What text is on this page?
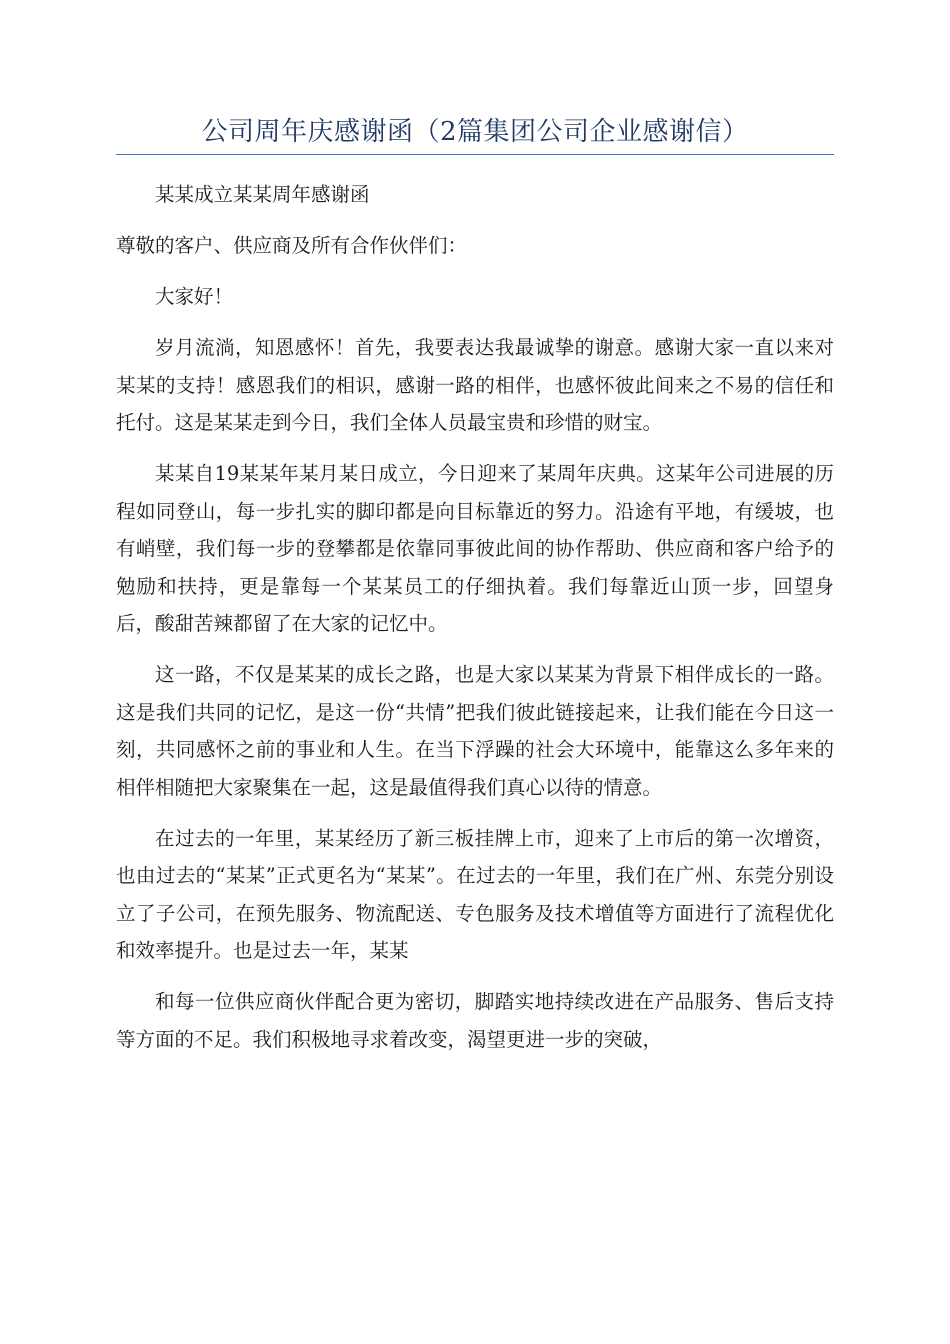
公司周年庆感谢函（2篇集团公司企业感谢信）

某某成立某某周年感谢函

尊敬的客户、供应商及所有合作伙伴们：

大家好！

岁月流淌，知恩感怀！首先，我要表达我最诚挚的谢意。感谢大家一直以来对某某的支持！感恩我们的相识，感谢一路的相伴，也感怀彼此间来之不易的信任和托付。这是某某走到今日，我们全体人员最宝贵和珍惜的财宝。

某某自19某某年某月某日成立，今日迎来了某周年庆典。这某年公司进展的历程如同登山，每一步扎实的脚印都是向目标靠近的努力。沿途有平地，有缓坡，也有峭壁，我们每一步的登攀都是依靠同事彼此间的协作帮助、供应商和客户给予的勉励和扶持，更是靠每一个某某员工的仔细执着。我们每靠近山顶一步，回望身后，酸甜苦辣都留了在大家的记忆中。

这一路，不仅是某某的成长之路，也是大家以某某为背景下相伴成长的一路。这是我们共同的记忆，是这一份“共情”把我们彼此链接起来，让我们能在今日这一刻，共同感怀之前的事业和人生。在当下浮躁的社会大环境中，能靠这么多年来的相伴相随把大家聚集在一起，这是最值得我们真心以待的情意。

在过去的一年里，某某经历了新三板挂牌上市，迎来了上市后的第一次增资，也由过去的“某某”正式更名为“某某”。在过去的一年里，我们在广州、东莞分别设立了子公司，在预先服务、物流配送、专色服务及技术增值等方面进行了流程优化和效率提升。也是过去一年，某某

和每一位供应商伙伴配合更为密切，脚踏实地持续改进在产品服务、售后支持等方面的不足。我们积极地寻求着改变，渴望更进一步的突破，
